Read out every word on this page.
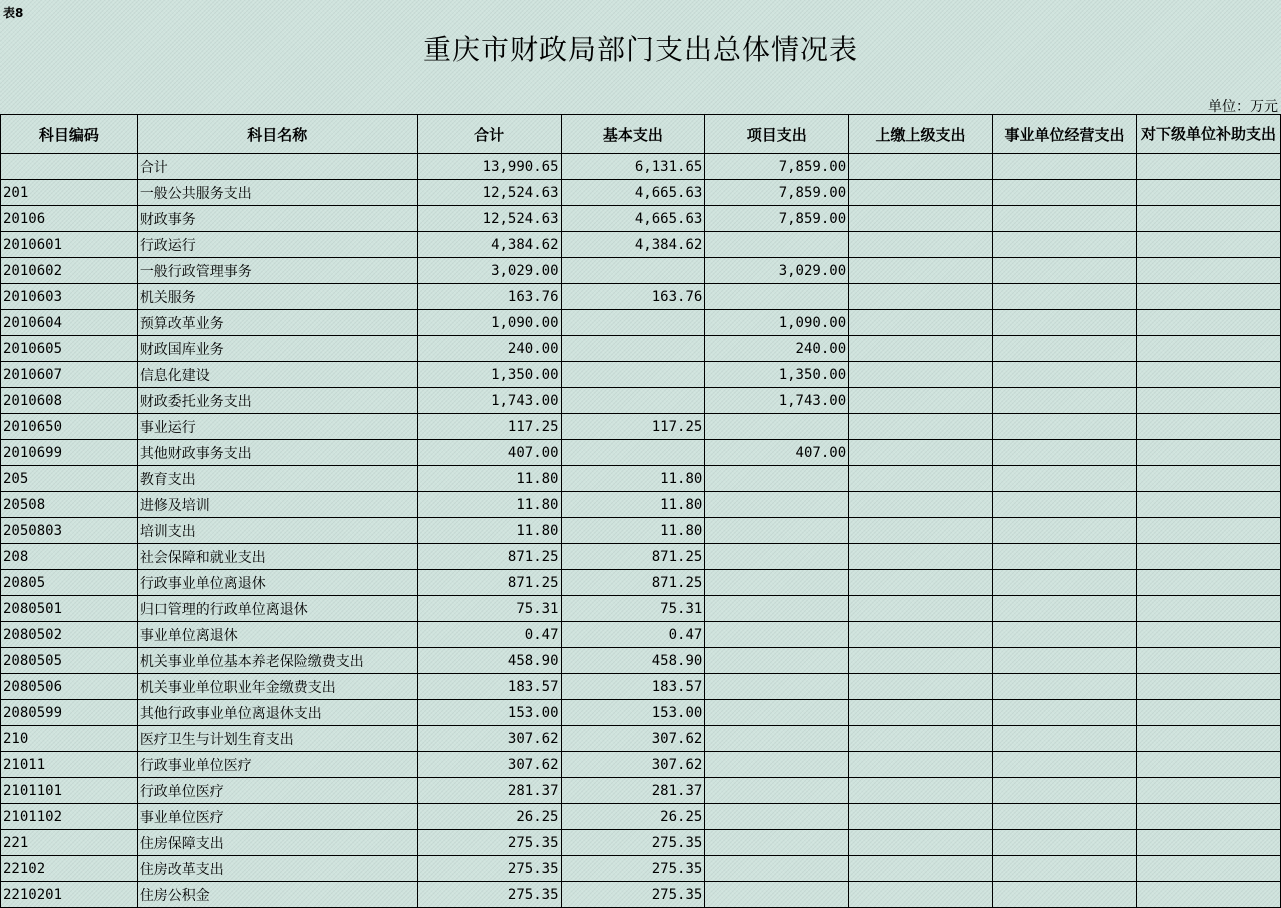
表8
重庆市财政局部门支出总体情况表
单位：万元
科目编码	科目名称	合计	基本支出	项目支出	上缴上级支出	事业单位经营支出	对下级单位补助支出
	合计	13,990.65	6,131.65	7,859.00			
201	一般公共服务支出	12,524.63	4,665.63	7,859.00			
20106	财政事务	12,524.63	4,665.63	7,859.00			
2010601	行政运行	4,384.62	4,384.62				
2010602	一般行政管理事务	3,029.00		3,029.00			
2010603	机关服务	163.76	163.76				
2010604	预算改革业务	1,090.00		1,090.00			
2010605	财政国库业务	240.00		240.00			
2010607	信息化建设	1,350.00		1,350.00			
2010608	财政委托业务支出	1,743.00		1,743.00			
2010650	事业运行	117.25	117.25				
2010699	其他财政事务支出	407.00		407.00			
205	教育支出	11.80	11.80				
20508	进修及培训	11.80	11.80				
2050803	培训支出	11.80	11.80				
208	社会保障和就业支出	871.25	871.25				
20805	行政事业单位离退休	871.25	871.25				
2080501	归口管理的行政单位离退休	75.31	75.31				
2080502	事业单位离退休	0.47	0.47				
2080505	机关事业单位基本养老保险缴费支出	458.90	458.90				
2080506	机关事业单位职业年金缴费支出	183.57	183.57				
2080599	其他行政事业单位离退休支出	153.00	153.00				
210	医疗卫生与计划生育支出	307.62	307.62				
21011	行政事业单位医疗	307.62	307.62				
2101101	行政单位医疗	281.37	281.37				
2101102	事业单位医疗	26.25	26.25				
221	住房保障支出	275.35	275.35				
22102	住房改革支出	275.35	275.35				
2210201	住房公积金	275.35	275.35				
